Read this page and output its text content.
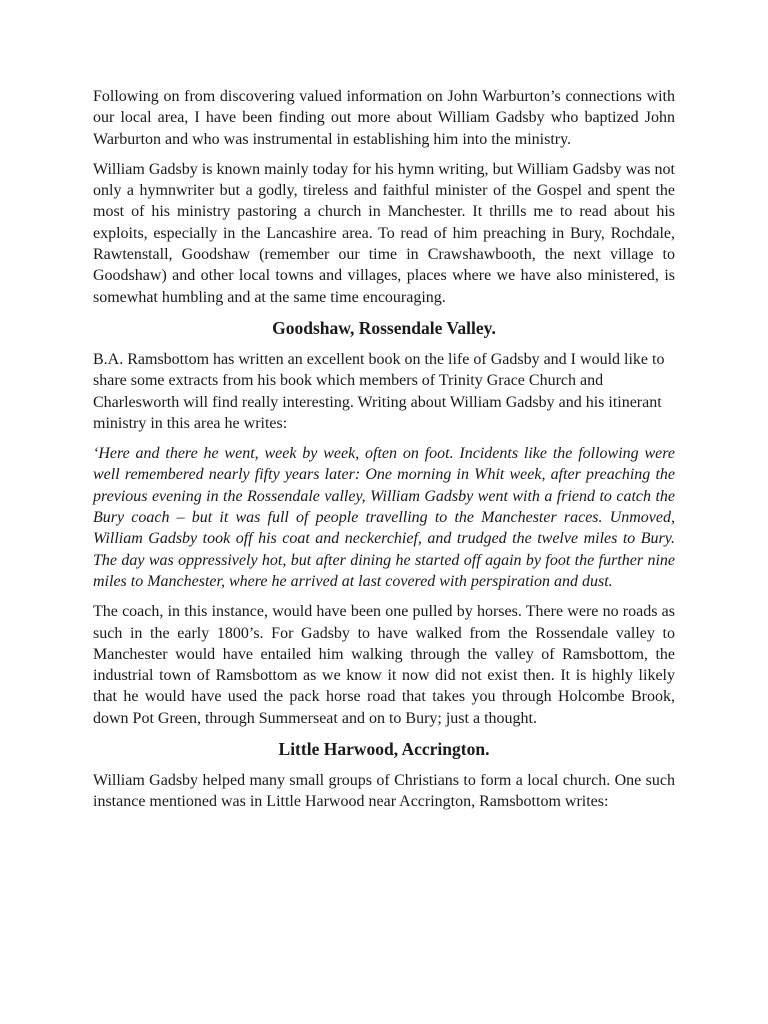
Following on from discovering valued information on John Warburton’s connections with our local area, I have been finding out more about William Gadsby who baptized John Warburton and who was instrumental in establishing him into the ministry.

William Gadsby is known mainly today for his hymn writing, but William Gadsby was not only a hymnwriter but a godly, tireless and faithful minister of the Gospel and spent the most of his ministry pastoring a church in Manchester. It thrills me to read about his exploits, especially in the Lancashire area. To read of him preaching in Bury, Rochdale, Rawtenstall, Goodshaw (remember our time in Crawshawbooth, the next village to Goodshaw) and other local towns and villages, places where we have also ministered, is somewhat humbling and at the same time encouraging.

Goodshaw, Rossendale Valley.

B.A. Ramsbottom has written an excellent book on the life of Gadsby and I would like to share some extracts from his book which members of Trinity Grace Church and Charlesworth will find really interesting. Writing about William Gadsby and his itinerant ministry in this area he writes:

‘Here and there he went, week by week, often on foot. Incidents like the following were well remembered nearly fifty years later: One morning in Whit week, after preaching the previous evening in the Rossendale valley, William Gadsby went with a friend to catch the Bury coach – but it was full of people travelling to the Manchester races. Unmoved, William Gadsby took off his coat and neckerchief, and trudged the twelve miles to Bury. The day was oppressively hot, but after dining he started off again by foot the further nine miles to Manchester, where he arrived at last covered with perspiration and dust.

The coach, in this instance, would have been one pulled by horses. There were no roads as such in the early 1800’s. For Gadsby to have walked from the Rossendale valley to Manchester would have entailed him walking through the valley of Ramsbottom, the industrial town of Ramsbottom as we know it now did not exist then. It is highly likely that he would have used the pack horse road that takes you through Holcombe Brook, down Pot Green, through Summerseat and on to Bury; just a thought.

Little Harwood, Accrington.

William Gadsby helped many small groups of Christians to form a local church. One such instance mentioned was in Little Harwood near Accrington, Ramsbottom writes:
